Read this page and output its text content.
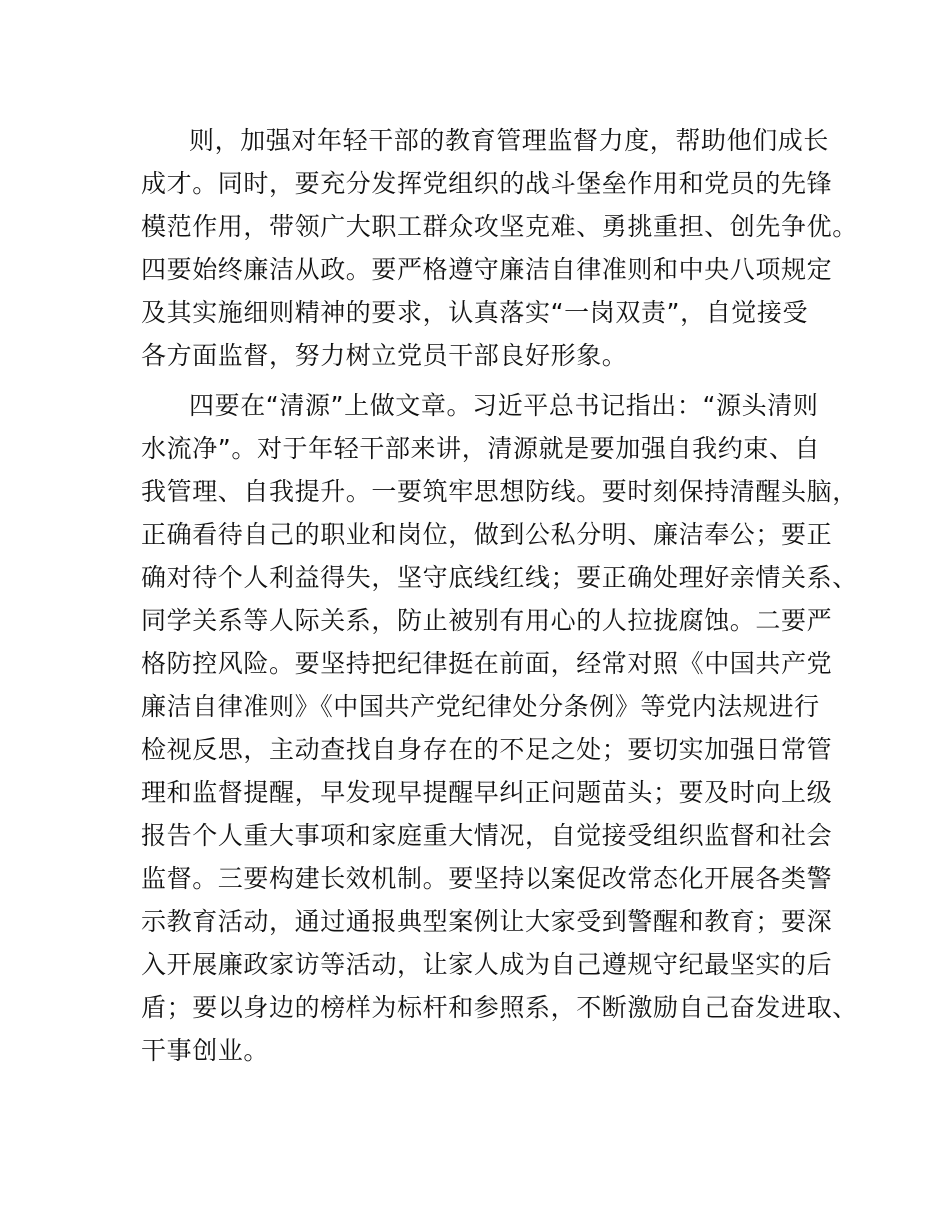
则，加强对年轻干部的教育管理监督力度，帮助他们成长
成才。同时，要充分发挥党组织的战斗堡垒作用和党员的先锋
模范作用，带领广大职工群众攻坚克难、勇挑重担、创先争优。
四要始终廉洁从政。要严格遵守廉洁自律准则和中央八项规定
及其实施细则精神的要求，认真落实“一岗双责”，自觉接受
各方面监督，努力树立党员干部良好形象。
四要在“清源”上做文章。习近平总书记指出：“源头清则
水流净”。对于年轻干部来讲，清源就是要加强自我约束、自
我管理、自我提升。一要筑牢思想防线。要时刻保持清醒头脑，
正确看待自己的职业和岗位，做到公私分明、廉洁奉公；要正
确对待个人利益得失，坚守底线红线；要正确处理好亲情关系、
同学关系等人际关系，防止被别有用心的人拉拢腐蚀。二要严
格防控风险。要坚持把纪律挺在前面，经常对照《中国共产党
廉洁自律准则》《中国共产党纪律处分条例》等党内法规进行
检视反思，主动查找自身存在的不足之处；要切实加强日常管
理和监督提醒，早发现早提醒早纠正问题苗头；要及时向上级
报告个人重大事项和家庭重大情况，自觉接受组织监督和社会
监督。三要构建长效机制。要坚持以案促改常态化开展各类警
示教育活动，通过通报典型案例让大家受到警醒和教育；要深
入开展廉政家访等活动，让家人成为自己遵规守纪最坚实的后
盾；要以身边的榜样为标杆和参照系，不断激励自己奋发进取、
干事创业。
